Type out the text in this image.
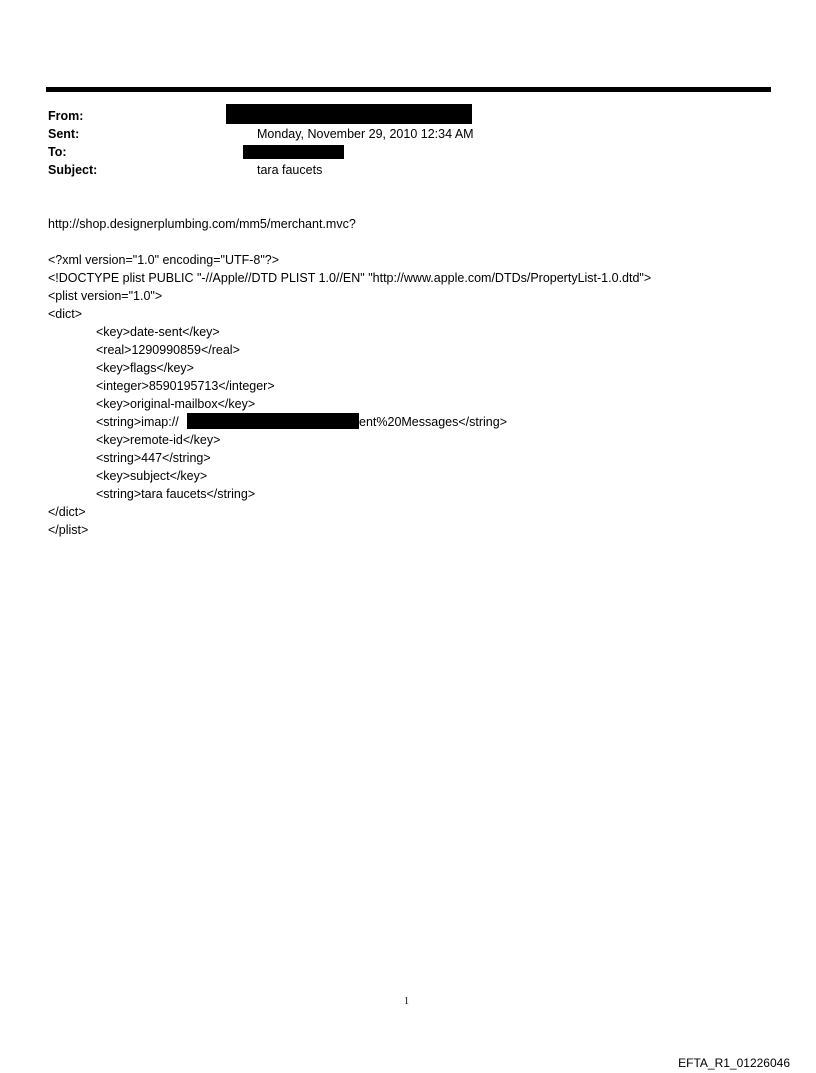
From:
Sent:	Monday, November 29, 2010 12:34 AM
To:
Subject:	tara faucets
http://shop.designerplumbing.com/mm5/merchant.mvc?
<?xml version="1.0" encoding="UTF-8"?>
<!DOCTYPE plist PUBLIC "-//Apple//DTD PLIST 1.0//EN" "http://www.apple.com/DTDs/PropertyList-1.0.dtd">
<plist version="1.0">
<dict>
<key>date-sent</key>
<real>1290990859</real>
<key>flags</key>
<integer>8590195713</integer>
<key>original-mailbox</key>
<string>imap://	ent%20Messages</string>
<key>remote-id</key>
<string>447</string>
<key>subject</key>
<string>tara faucets</string>
</dict>
</plist>
1
EFTA_R1_01226046
